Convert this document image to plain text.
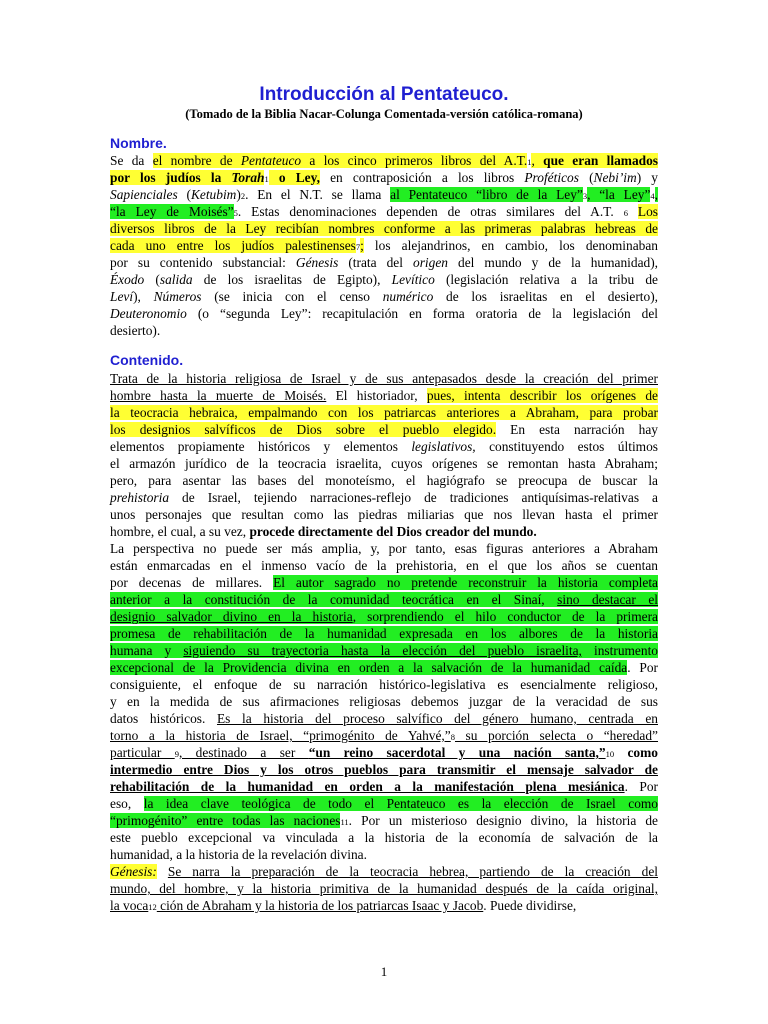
Introducción al Pentateuco.
(Tomado de la Biblia Nacar-Colunga Comentada-versión católica-romana)
Nombre.
Se da el nombre de Pentateuco a los cinco primeros libros del A.T.1, que eran llamados
por los judíos la Torah1 o Ley, en contraposición a los libros Proféticos (Nebi’im) y
Sapienciales (Ketubim)2. En el N.T. se llama al Pentateuco “libro de la Ley”3, “la Ley”4,
“la Ley de Moisés”5. Estas denominaciones dependen de otras similares del A.T. 6 Los
diversos libros de la Ley recibían nombres conforme a las primeras palabras hebreas de
cada uno entre los judíos palestinenses7; los alejandrinos, en cambio, los denominaban
por su contenido substancial: Génesis (trata del origen del mundo y de la humanidad),
Éxodo (salida de los israelitas de Egipto), Levítico (legislación relativa a la tribu de
Leví), Números (se inicia con el censo numérico de los israelitas en el desierto),
Deuteronomio (o “segunda Ley”: recapitulación en forma oratoria de la legislación del
desierto).
Contenido.
Trata de la historia religiosa de Israel y de sus antepasados desde la creación del primer
hombre hasta la muerte de Moisés. El historiador, pues, intenta describir los orígenes de
la teocracia hebraica, empalmando con los patriarcas anteriores a Abraham, para probar
los designios salvíficos de Dios sobre el pueblo elegido. En esta narración hay
elementos propiamente históricos y elementos legislativos, constituyendo estos últimos
el armazón jurídico de la teocracia israelita, cuyos orígenes se remontan hasta Abraham;
pero, para asentar las bases del monoteísmo, el hagiógrafo se preocupa de buscar la
prehistoria de Israel, tejiendo narraciones-reflejo de tradiciones antiquísimas-relativas a
unos personajes que resultan como las piedras miliarias que nos llevan hasta el primer
hombre, el cual, a su vez, procede directamente del Dios creador del mundo.
La perspectiva no puede ser más amplia, y, por tanto, esas figuras anteriores a Abraham
están enmarcadas en el inmenso vacío de la prehistoria, en el que los años se cuentan
por decenas de millares. El autor sagrado no pretende reconstruir la historia completa
anterior a la constitución de la comunidad teocrática en el Sinaí, sino destacar el
designio salvador divino en la historia, sorprendiendo el hilo conductor de la primera
promesa de rehabilitación de la humanidad expresada en los albores de la historia
humana y siguiendo su trayectoria hasta la elección del pueblo israelita, instrumento
excepcional de la Providencia divina en orden a la salvación de la humanidad caída. Por
consiguiente, el enfoque de su narración histórico-legislativa es esencialmente religioso,
y en la medida de sus afirmaciones religiosas debemos juzgar de la veracidad de sus
datos históricos. Es la historia del proceso salvífico del género humano, centrada en
torno a la historia de Israel, “primogénito de Yahvé,”8 su porción selecta o “heredad”
particular 9, destinado a ser “un reino sacerdotal y una nación santa,”10 como
intermedio entre Dios y los otros pueblos para transmitir el mensaje salvador de
rehabilitación de la humanidad en orden a la manifestación plena mesiánica. Por
eso, la idea clave teológica de todo el Pentateuco es la elección de Israel como
“primogénito” entre todas las naciones11. Por un misterioso designio divino, la historia de
este pueblo excepcional va vinculada a la historia de la economía de salvación de la
humanidad, a la historia de la revelación divina.
Génesis: Se narra la preparación de la teocracia hebrea, partiendo de la creación del
mundo, del hombre, y la historia primitiva de la humanidad después de la caída original,
la voca12 ción de Abraham y la historia de los patriarcas Isaac y Jacob. Puede dividirse,
1
